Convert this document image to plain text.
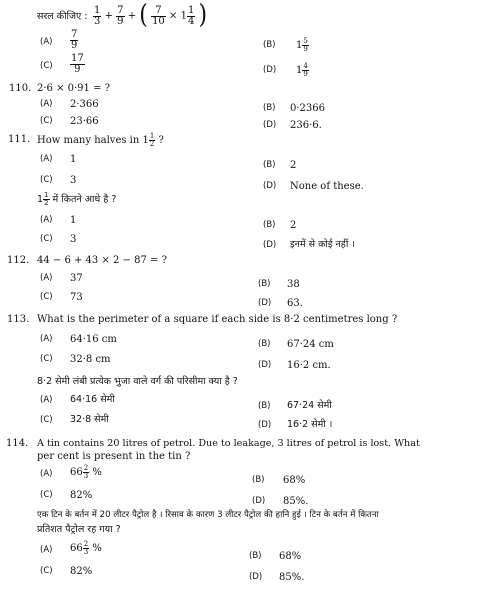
सरल कीजिए : $\frac{1}{3} + \frac{7}{9}$ + ( $\frac{7}{10} \times 1 \frac{1}{4}$ )
$(A) \frac{7}{9}$	(B) $1 \frac{5}{9}$
$(C) \frac{17}{9}$	(D) $1 \frac{4}{9}$
110. 2·6 × 0·91 = ?
(A) 2·366	(B) 0·2366
(C) 23·66	(D) 236·6.
111. How many halves in $1 \frac{1}{2}$ ?
(A) 1	(B) 2
(C) 3	(D) None of these.
$1 \frac{1}{2}$ में कितने आधे है ?
(A) 1	(B) 2
(C) 3	(D) इनमें से कोई नहीं ।
112. 44 − 6 + 43 × 2 − 87 = ?
(A) 37	(B) 38
(C) 73	(D) 63.
113. What is the perimeter of a square if each side is 8·2 centimetres long ?
(A) 64·16 cm	(B) 67·24 cm
(C) 32·8 cm	(D) 16·2 cm.
8·2 सेमी लंबी प्रत्येक भुजा वाले वर्ग की परिसीमा क्या है ?
(A) 64·16 सेमी
(B) 67·24 सेमी
(C) 32·8 सेमी	(D) 16·2 सेमी ।
114. A tin contains 20 litres of petrol. Due to leakage, 3 litres of petrol is lost. What
per cent is present in the tin ?
(A) $66 \frac{2}{3}$ %
(B) 68%
(C) 82%	(D) 85%.
एक टिन के बर्तन में 20 लीटर पैट्रोल है । रिसाव के कारण 3 लीटर पैट्रोल की हानि हुई । टिन के बर्तन में कितना
प्रतिशत पैट्रोल रह गया ?
(A) $66 \frac{2}{3}$ %
(B) 68%
(C) 82%	(D) 85%.
